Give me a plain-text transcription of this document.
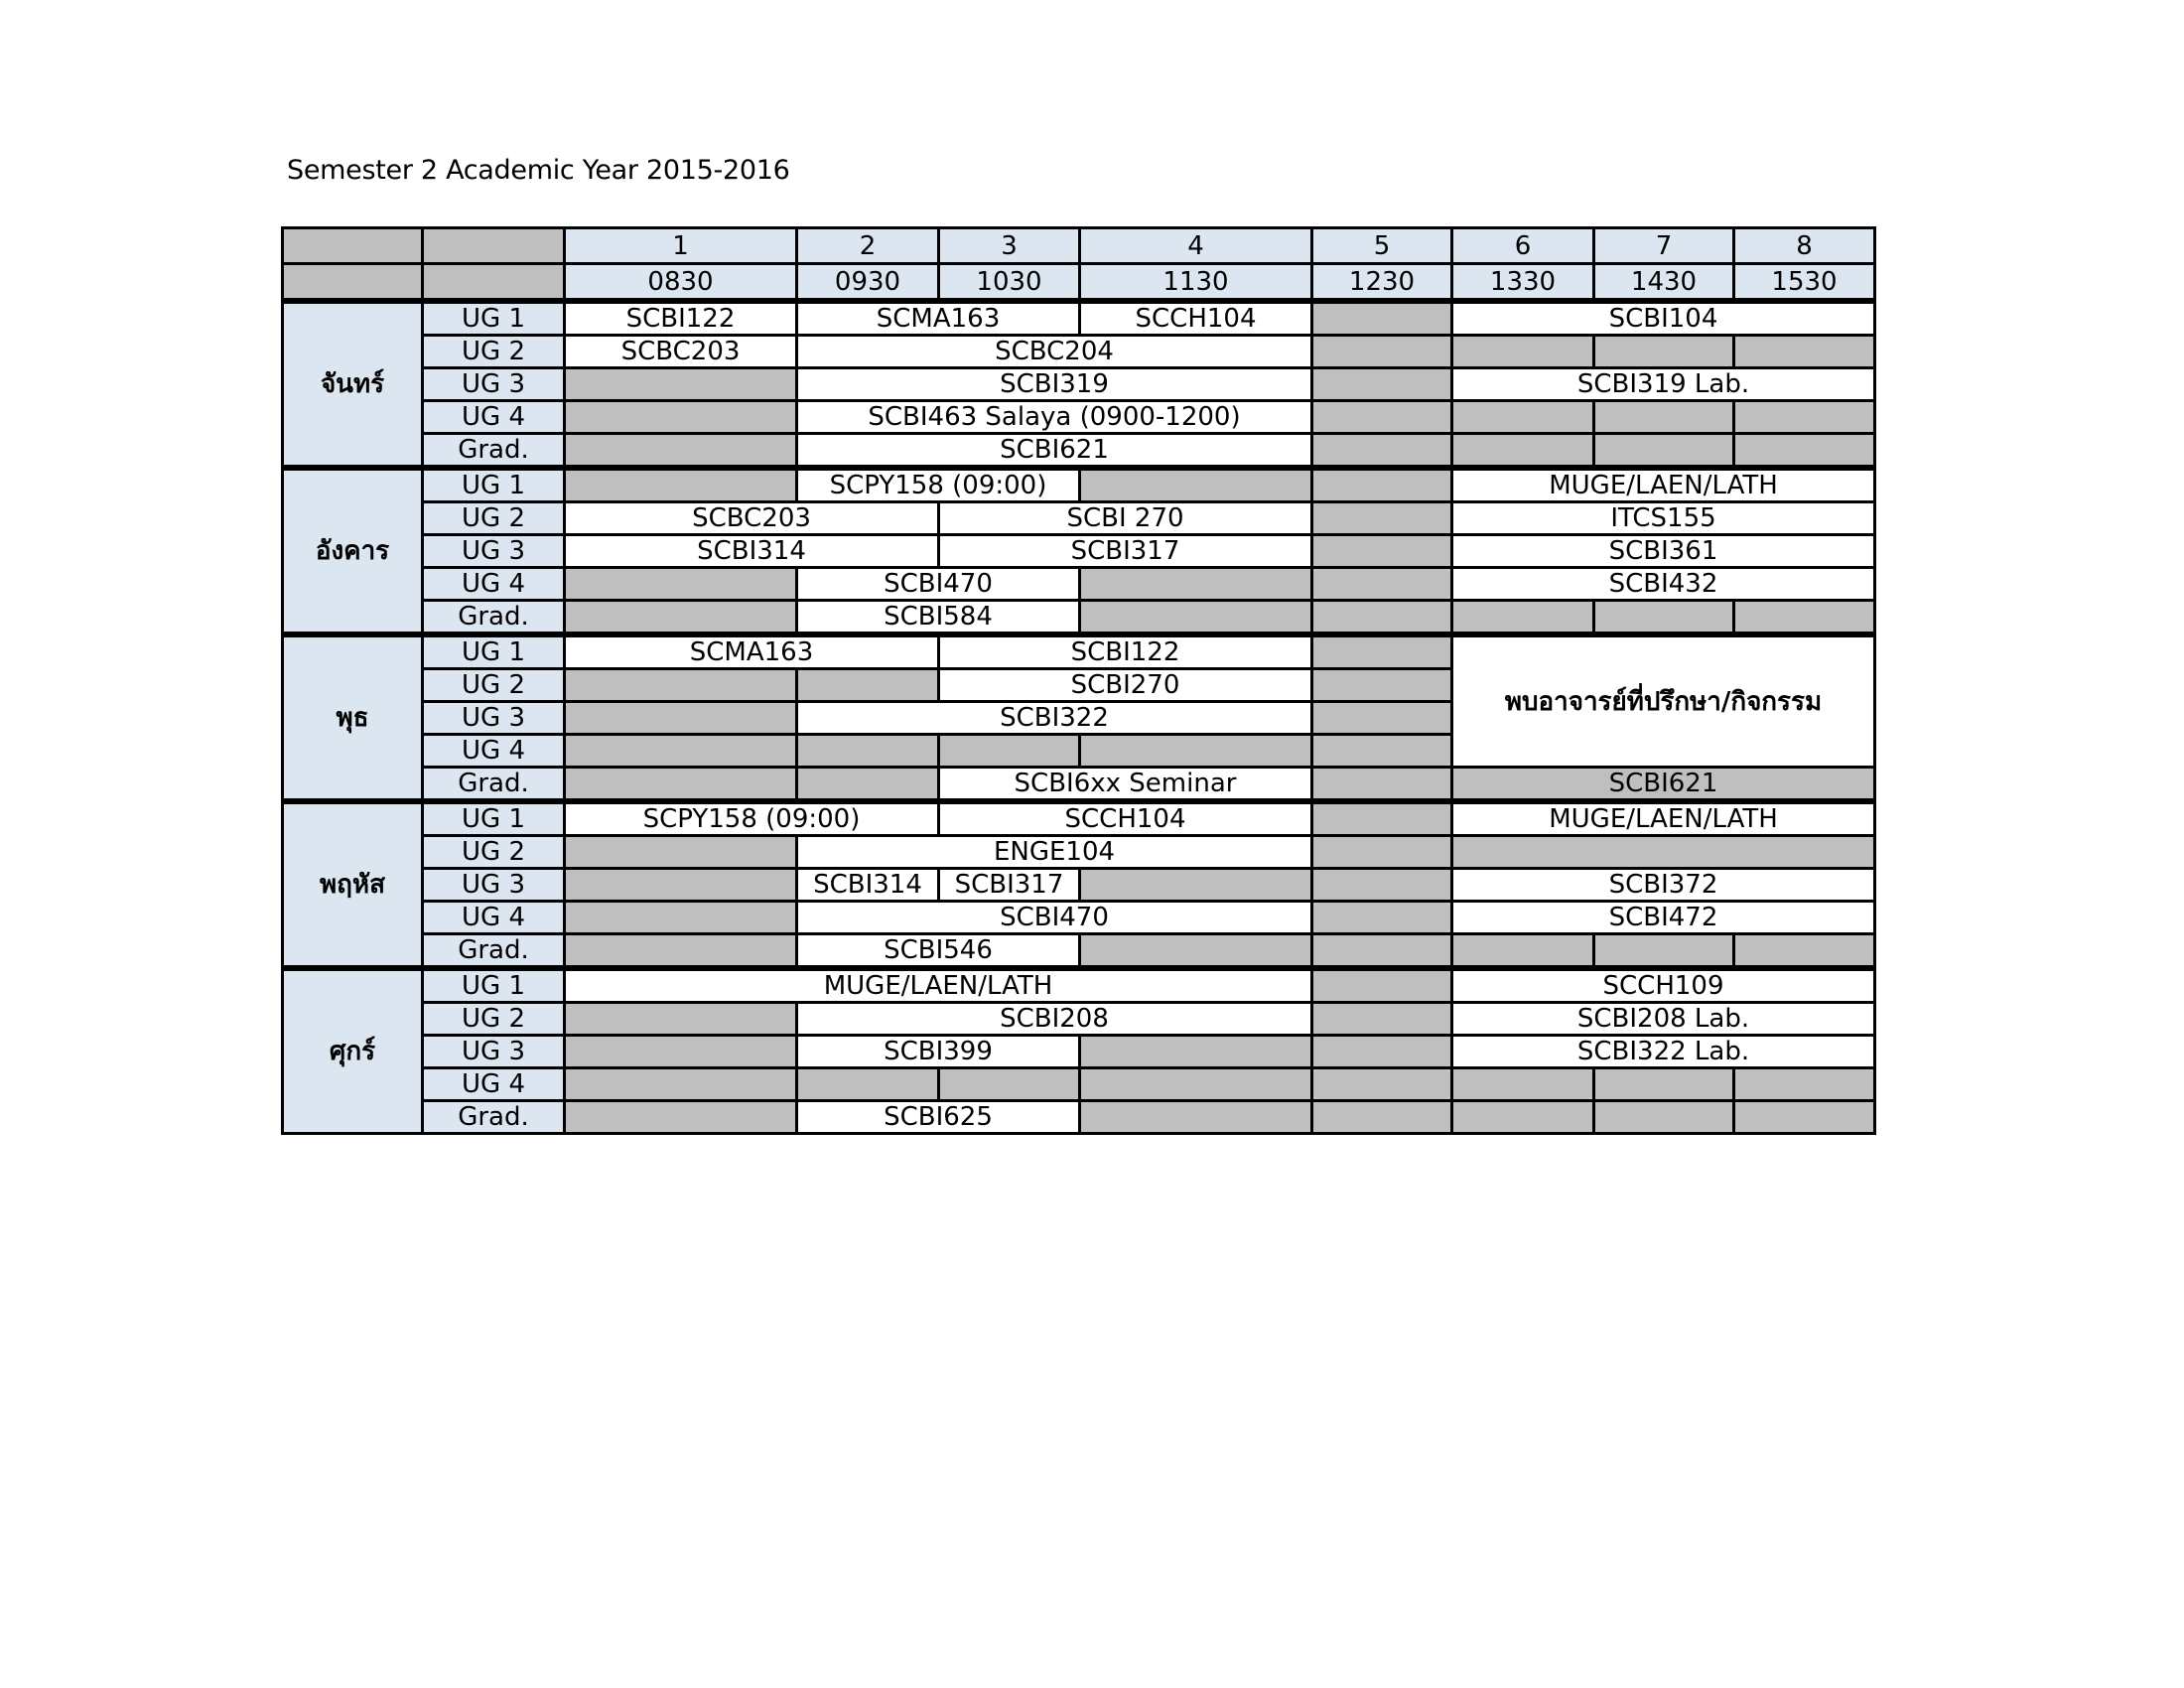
Semester 2 Academic Year 2015-2016
		1	2	3	4	5	6	7	8
		0830	0930	1030	1130	1230	1330	1430	1530
จันทร์	UG 1	SCBI122	SCMA163		SCCH104		SCBI104		
	UG 2	SCBC203	SCBC204						
	UG 3		SCBI319				SCBI319 Lab.		
	UG 4		SCBI463 Salaya (0900-1200)						
	Grad.		SCBI621						
อังคาร	UG 1		SCPY158 (09:00)				MUGE/LAEN/LATH		
	UG 2	SCBC203		SCBI 270			ITCS155		
	UG 3	SCBI314		SCBI317			SCBI361		
	UG 4		SCBI470				SCBI432		
	Grad.		SCBI584						
พุธ	UG 1	SCMA163		SCBI122			พบอาจารย์ที่ปรึกษา/กิจกรรม		
	UG 2			SCBI270					
	UG 3		SCBI322						
	UG 4								
	Grad.			SCBI6xx Seminar			SCBI621		
พฤหัส	UG 1	SCPY158 (09:00)		SCCH104			MUGE/LAEN/LATH		
	UG 2		ENGE104						
	UG 3		SCBI314	SCBI317			SCBI372		
	UG 4		SCBI470				SCBI472		
	Grad.		SCBI546						
ศุกร์	UG 1	MUGE/LAEN/LATH					SCCH109		
	UG 2		SCBI208				SCBI208 Lab.		
	UG 3		SCBI399				SCBI322 Lab.		
	UG 4								
	Grad.		SCBI625						
